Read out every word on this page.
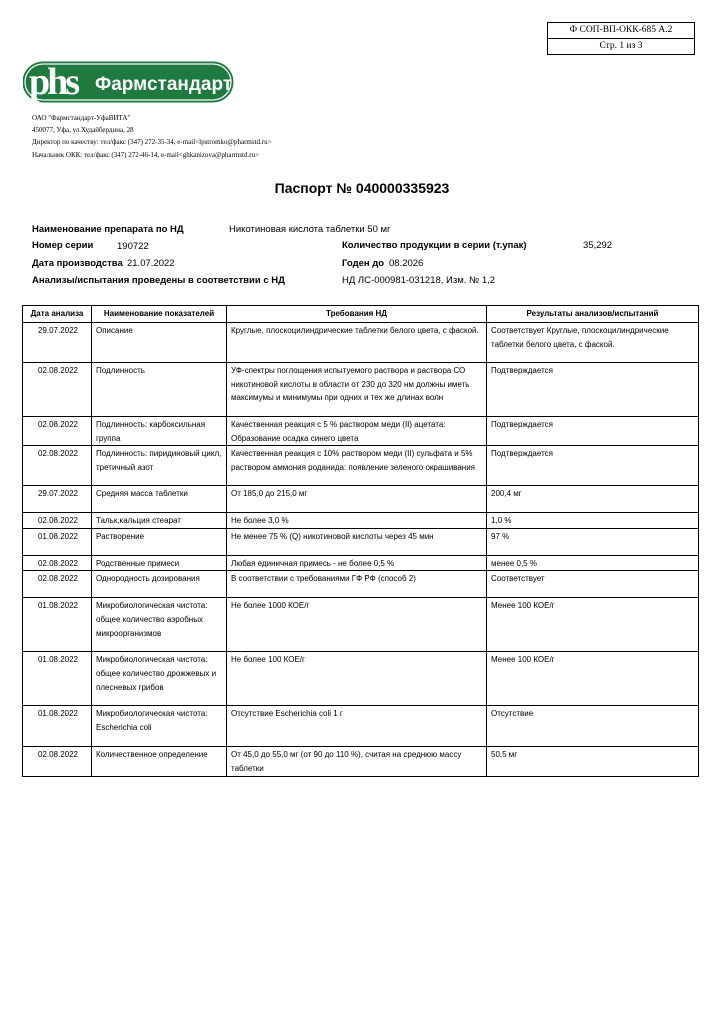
Ф СОП-ВП-ОКК-685 А.2
Стр. 1 из 3
phs Фармстандарт
ОАО "Фармстандарт-УфаВИТА"
450077, Уфа, ул.Худайбердина, 28
Директор по качеству: тел/факс (347) 272-35-34, e-mail<lpstromko@pharmstd.ru>
Начальник ОКК: тел/факс (347) 272-46-14, e-mail<ghkanizova@pharmstd.ru>
Паспорт № 040000335923
Наименование препарата по НД	Никотиновая кислота таблетки 50 мг
Номер серии 190722	Количество продукции в серии (т.упак)	35,292
Дата производства 21.07.2022	Годен до 08.2026
Анализы/испытания проведены в соответствии с НД	НД ЛС-000981-031218, Изм. № 1,2
Дата анализа	Наименование показателей	Требования НД	Результаты анализов/испытаний
29.07.2022	Описание	Круглые, плоскоцилиндрические таблетки белого цвета, с фаской.	Соответствует Круглые, плоскоцилиндрические таблетки белого цвета, с фаской.
02.08.2022	Подлинность	УФ-спектры поглощения испытуемого раствора и раствора СО никотиновой кислоты в области от 230 до 320 нм должны иметь максимумы и минимумы при одних и тех же длинах волн	Подтверждается
02.08.2022	Подлинность: карбоксильная группа	Качественная реакция с 5 % раствором меди (II) ацетата: Образование осадка синего цвета	Подтверждается
02.08.2022	Подлинность: пиридиновый цикл, третичный азот	Качественная реакция с 10% раствором меди (II) сульфата и 5% раствором аммония роданида: появление зеленого окрашивания	Подтверждается
29.07.2022	Средняя масса таблетки	От 185,0 до 215,0 мг	200,4 мг
02.08.2022	Тальк,кальция стеарат	Не более 3,0 %	1,0 %
01.08.2022	Растворение	Не менее 75 % (Q) никотиновой кислоты через 45 мин	97 %
02.08.2022	Родственные примеси	Любая единичная примесь - не более 0,5 %	менее 0,5 %
02.08.2022	Однородность дозирования	В соответствии с требованиями ГФ РФ (способ 2)	Соответствует
01.08.2022	Микробиологическая чистота: общее количество аэробных микроорганизмов	Не более 1000 КОЕ/г	Менее 100 КОЕ/г
01.08.2022	Микробиологическая чистота: общее количество дрожжевых и плесневых грибов	Не более 100 КОЕ/г	Менее 100 КОЕ/г
01.08.2022	Микробиологическая чистота: Escherichia coli	Отсутствие Escherichia coli 1 г	Отсутствие
02.08.2022	Количественное определение	От 45,0 до 55,0 мг (от 90 до 110 %), считая на среднюю массу таблетки	50,5 мг
